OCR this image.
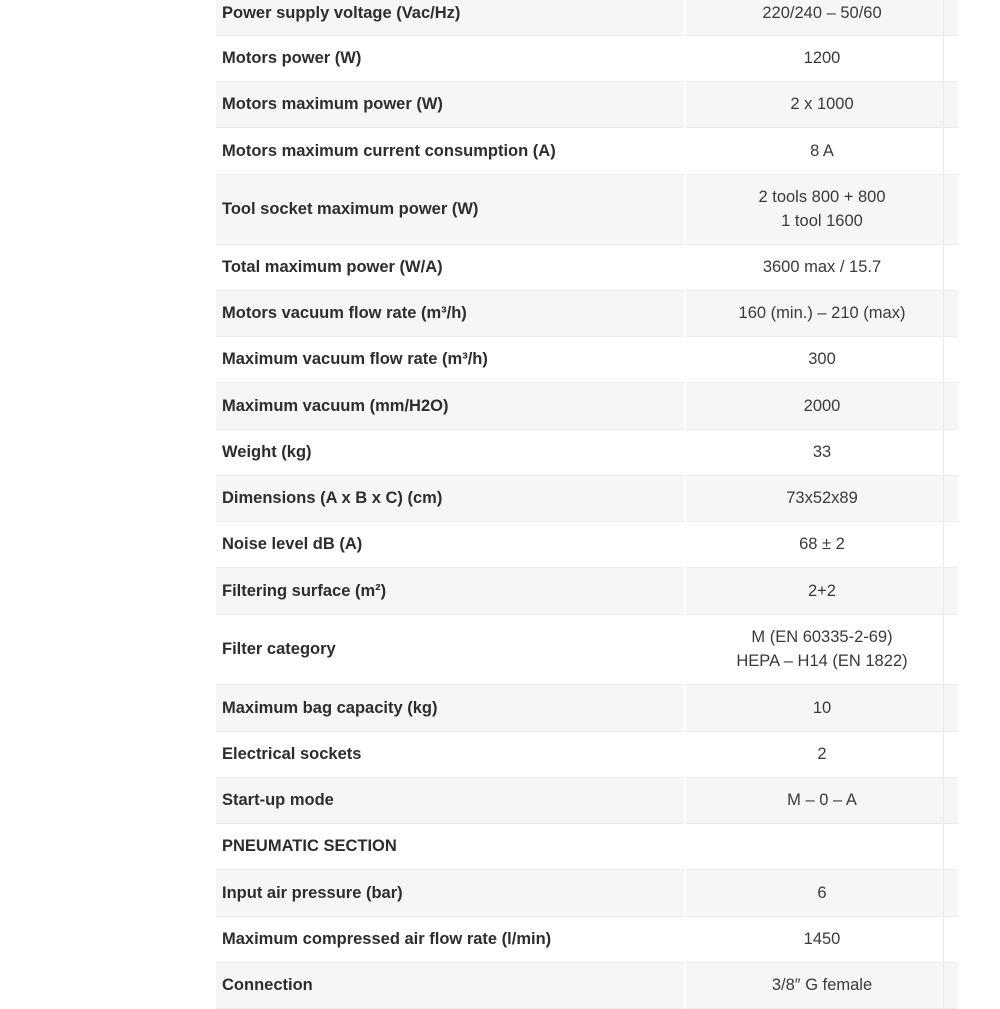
Power supply voltage (Vac/Hz)	220/240 – 50/60

Motors power (W)	1200

Motors maximum power (W)	2 x 1000

Motors maximum current consumption (A)	8 A

Tool socket maximum power (W)	2 tools 800 + 800
1 tool 1600

Total maximum power (W/A)	3600 max / 15.7

Motors vacuum flow rate (m³/h)	160 (min.) – 210 (max)

Maximum vacuum flow rate (m³/h)	300

Maximum vacuum (mm/H2O)	2000

Weight (kg)	33

Dimensions (A x B x C) (cm)	73x52x89

Noise level dB (A)	68 ± 2

Filtering surface (m²)	2+2

Filter category	M (EN 60335-2-69)
HEPA – H14 (EN 1822)

Maximum bag capacity (kg)	10

Electrical sockets	2

Start-up mode	M – 0 – A

PNEUMATIC SECTION	
Input air pressure (bar)	6

Maximum compressed air flow rate (l/min)	1450

Connection	3/8″ G female
